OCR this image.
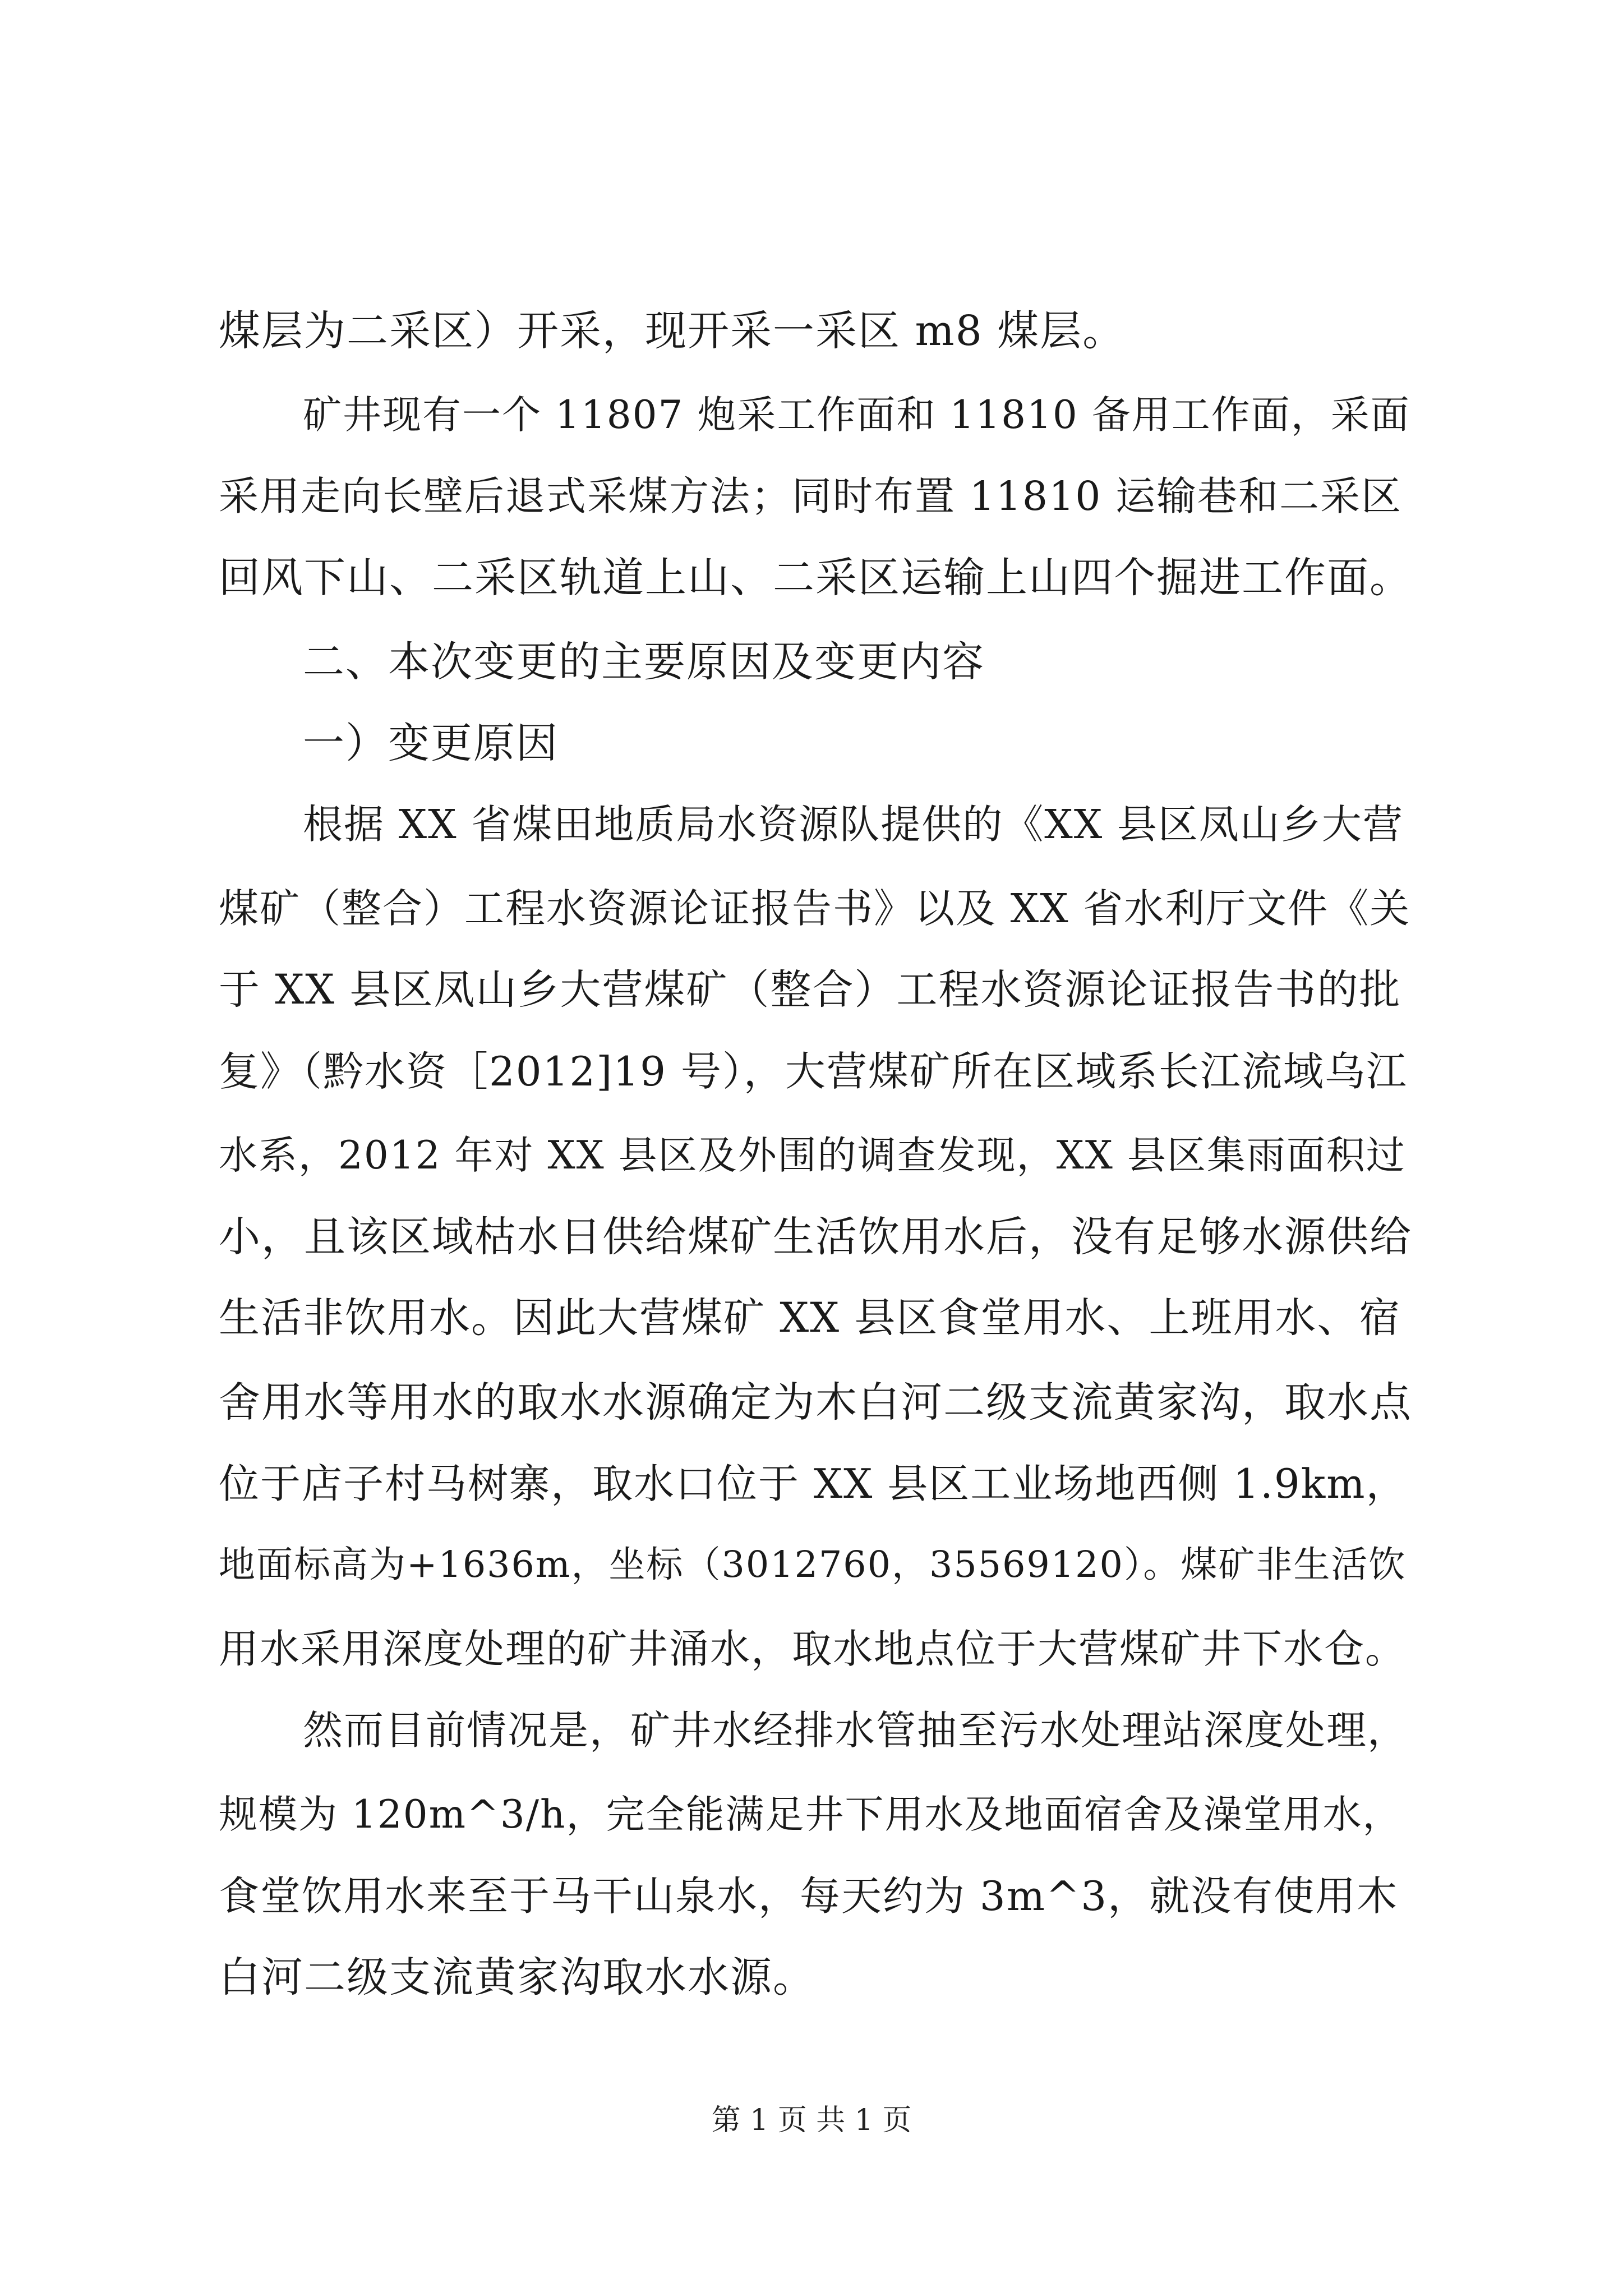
煤层为二采区）开采，现开采一采区 m8 煤层。
矿井现有一个 11807 炮采工作面和 11810 备用工作面，采面
采用走向长壁后退式采煤方法；同时布置 11810 运输巷和二采区
回风下山、二采区轨道上山、二采区运输上山四个掘进工作面。
二、本次变更的主要原因及变更内容
一）变更原因
根据 XX 省煤田地质局水资源队提供的《XX 县区凤山乡大营
煤矿（整合）工程水资源论证报告书》以及 XX 省水利厅文件《关
于 XX 县区凤山乡大营煤矿（整合）工程水资源论证报告书的批
复》（黔水资［2012]19 号），大营煤矿所在区域系长江流域乌江
水系，2012 年对 XX 县区及外围的调查发现，XX 县区集雨面积过
小，且该区域枯水日供给煤矿生活饮用水后，没有足够水源供给
生活非饮用水。因此大营煤矿 XX 县区食堂用水、上班用水、宿
舍用水等用水的取水水源确定为木白河二级支流黄家沟，取水点
位于店子村马树寨，取水口位于 XX 县区工业场地西侧 1.9km，
地面标高为+1636m，坐标（3012760，35569120）。煤矿非生活饮
用水采用深度处理的矿井涌水，取水地点位于大营煤矿井下水仓。
然而目前情况是，矿井水经排水管抽至污水处理站深度处理，
规模为 120m^3/h，完全能满足井下用水及地面宿舍及澡堂用水，
食堂饮用水来至于马干山泉水，每天约为 3m^3，就没有使用木
白河二级支流黄家沟取水水源。
第 1 页 共 1 页
